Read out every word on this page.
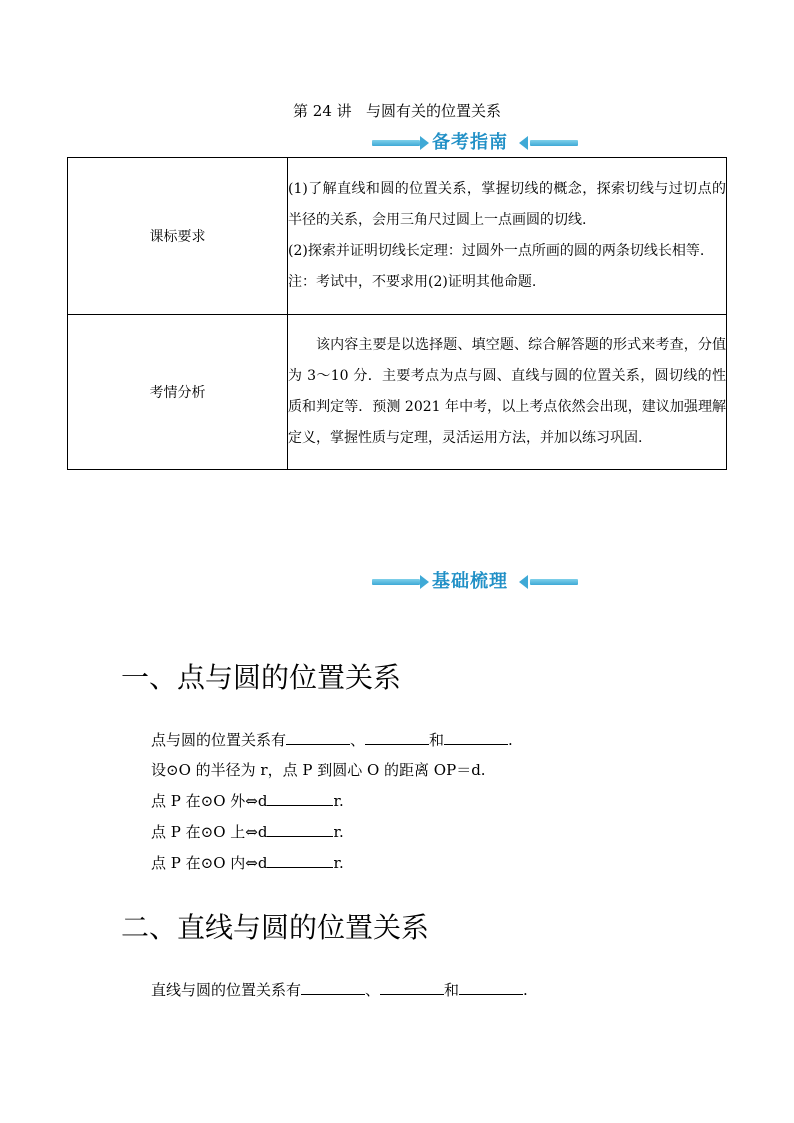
第 24 讲 与圆有关的位置关系
备考指南
课标要求	(1)了解直线和圆的位置关系，掌握切线的概念，探索切线与过切点的半径的关系，会用三角尺过圆上一点画圆的切线.
(2)探索并证明切线长定理：过圆外一点所画的圆的两条切线长相等.
注：考试中，不要求用(2)证明其他命题.

考情分析	该内容主要是以选择题、填空题、综合解答题的形式来考查，分值为 3～10 分．主要考点为点与圆、直线与圆的位置关系，圆切线的性质和判定等．预测 2021 年中考，以上考点依然会出现，建议加强理解定义，掌握性质与定理，灵活运用方法，并加以练习巩固.
基础梳理
一、点与圆的位置关系
点与圆的位置关系有	、	和	.
设⊙O 的半径为 r，点 P 到圆心 O 的距离 OP＝d.
点 P 在⊙O 外⇔d	r.
点 P 在⊙O 上⇔d	r.
点 P 在⊙O 内⇔d	r.
二、直线与圆的位置关系
直线与圆的位置关系有	、	和	.
